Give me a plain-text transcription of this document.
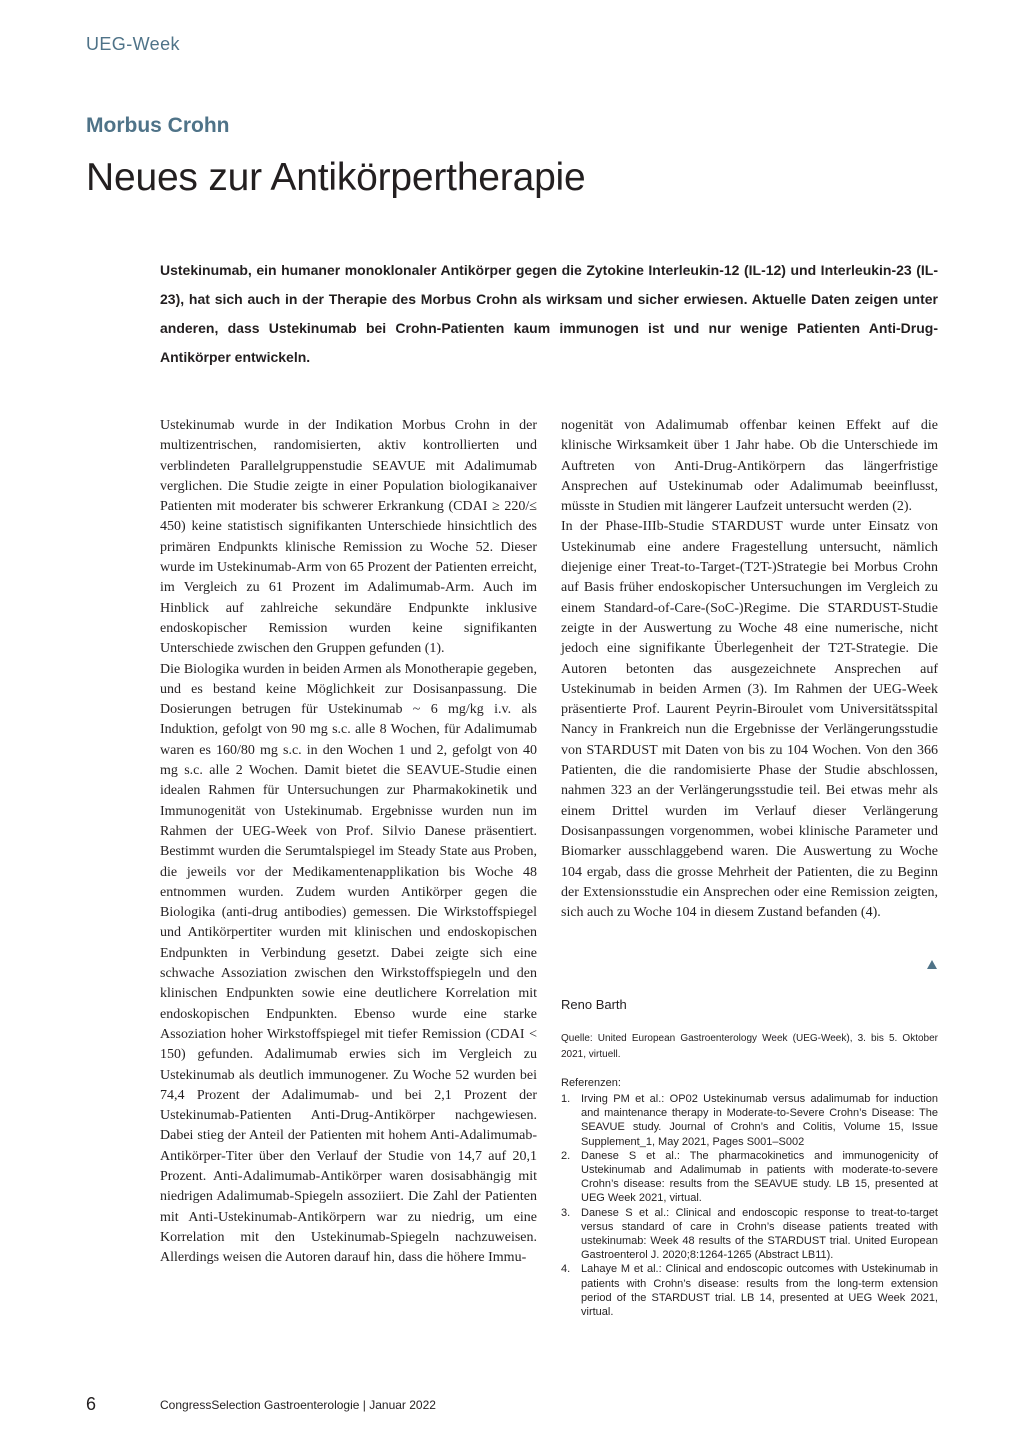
UEG-Week
Morbus Crohn
Neues zur Antikörpertherapie

Ustekinumab, ein humaner monoklonaler Antikörper gegen die Zytokine Interleukin-12 (IL-12) und Interleukin-23 (IL-23), hat sich auch in der Therapie des Morbus Crohn als wirksam und sicher erwiesen. Aktuelle Daten zeigen unter anderen, dass Ustekinumab bei Crohn-Patienten kaum immunogen ist und nur wenige Patienten Anti-Drug-Antikörper entwickeln.

Ustekinumab wurde in der Indikation Morbus Crohn in der multizentrischen, randomisierten, aktiv kontrollierten und verblindeten Parallelgruppenstudie SEAVUE mit Adalimumab verglichen. Die Studie zeigte in einer Population biologikanaiver Patienten mit moderater bis schwerer Erkrankung (CDAI ≥ 220/≤ 450) keine statistisch signifikanten Unterschiede hinsichtlich des primären Endpunkts klinische Remission zu Woche 52. Dieser wurde im Ustekinumab-Arm von 65 Prozent der Patienten erreicht, im Vergleich zu 61 Prozent im Adalimumab-Arm. Auch im Hinblick auf zahlreiche sekundäre Endpunkte inklusive endoskopischer Remission wurden keine signifikanten Unterschiede zwischen den Gruppen gefunden (1).

Die Biologika wurden in beiden Armen als Monotherapie gegeben, und es bestand keine Möglichkeit zur Dosisanpassung. Die Dosierungen betrugen für Ustekinumab ~ 6 mg/kg i.v. als Induktion, gefolgt von 90 mg s.c. alle 8 Wochen, für Adalimumab waren es 160/80 mg s.c. in den Wochen 1 und 2, gefolgt von 40 mg s.c. alle 2 Wochen. Damit bietet die SEAVUE-Studie einen idealen Rahmen für Untersuchungen zur Pharmakokinetik und Immunogenität von Ustekinumab. Ergebnisse wurden nun im Rahmen der UEG-Week von Prof. Silvio Danese präsentiert. Bestimmt wurden die Serumtalspiegel im Steady State aus Proben, die jeweils vor der Medikamentenapplikation bis Woche 48 entnommen wurden. Zudem wurden Antikörper gegen die Biologika (anti-drug antibodies) gemessen. Die Wirkstoffspiegel und Antikörpertiter wurden mit klinischen und endoskopischen Endpunkten in Verbindung gesetzt. Dabei zeigte sich eine schwache Assoziation zwischen den Wirkstoffspiegeln und den klinischen Endpunkten sowie eine deutlichere Korrelation mit endoskopischen Endpunkten. Ebenso wurde eine starke Assoziation hoher Wirkstoffspiegel mit tiefer Remission (CDAI < 150) gefunden. Adalimumab erwies sich im Vergleich zu Ustekinumab als deutlich immunogener. Zu Woche 52 wurden bei 74,4 Prozent der Adalimumab- und bei 2,1 Prozent der Ustekinumab-Patienten Anti-Drug-Antikörper nachgewiesen. Dabei stieg der Anteil der Patienten mit hohem Anti-Adalimumab-Antikörper-Titer über den Verlauf der Studie von 14,7 auf 20,1 Prozent. Anti-Adalimumab-Antikörper waren dosisabhängig mit niedrigen Adalimumab-Spiegeln assoziiert. Die Zahl der Patienten mit Anti-Ustekinumab-Antikörpern war zu niedrig, um eine Korrelation mit den Ustekinumab-Spiegeln nachzuweisen. Allerdings weisen die Autoren darauf hin, dass die höhere Immu-

nogenität von Adalimumab offenbar keinen Effekt auf die klinische Wirksamkeit über 1 Jahr habe. Ob die Unterschiede im Auftreten von Anti-Drug-Antikörpern das längerfristige Ansprechen auf Ustekinumab oder Adalimumab beeinflusst, müsste in Studien mit längerer Laufzeit untersucht werden (2).

In der Phase-IIIb-Studie STARDUST wurde unter Einsatz von Ustekinumab eine andere Fragestellung untersucht, nämlich diejenige einer Treat-to-Target-(T2T-)Strategie bei Morbus Crohn auf Basis früher endoskopischer Untersuchungen im Vergleich zu einem Standard-of-Care-(SoC-)Regime. Die STARDUST-Studie zeigte in der Auswertung zu Woche 48 eine numerische, nicht jedoch eine signifikante Überlegenheit der T2T-Strategie. Die Autoren betonten das ausgezeichnete Ansprechen auf Ustekinumab in beiden Armen (3). Im Rahmen der UEG-Week präsentierte Prof. Laurent Peyrin-Biroulet vom Universitätsspital Nancy in Frankreich nun die Ergebnisse der Verlängerungsstudie von STARDUST mit Daten von bis zu 104 Wochen. Von den 366 Patienten, die die randomisierte Phase der Studie abschlossen, nahmen 323 an der Verlängerungsstudie teil. Bei etwas mehr als einem Drittel wurden im Verlauf dieser Verlängerung Dosisanpassungen vorgenommen, wobei klinische Parameter und Biomarker ausschlaggebend waren. Die Auswertung zu Woche 104 ergab, dass die grosse Mehrheit der Patienten, die zu Beginn der Extensionsstudie ein Ansprechen oder eine Remission zeigten, sich auch zu Woche 104 in diesem Zustand befanden (4).

Reno Barth
Quelle: United European Gastroenterology Week (UEG-Week), 3. bis 5. Oktober 2021, virtuell.
Referenzen:
1. Irving PM et al.: OP02 Ustekinumab versus adalimumab for induction and maintenance therapy in Moderate-to-Severe Crohn’s Disease: The SEAVUE study. Journal of Crohn’s and Colitis, Volume 15, Issue Supplement_1, May 2021, Pages S001–S002
2. Danese S et al.: The pharmacokinetics and immunogenicity of Ustekinumab and Adalimumab in patients with moderate-to-severe Crohn’s disease: results from the SEAVUE study. LB 15, presented at UEG Week 2021, virtual.
3. Danese S et al.: Clinical and endoscopic response to treat-to-target versus standard of care in Crohn’s disease patients treated with ustekinumab: Week 48 results of the STARDUST trial. United European Gastroenterol J. 2020;8:1264-1265 (Abstract LB11).
4. Lahaye M et al.: Clinical and endoscopic outcomes with Ustekinumab in patients with Crohn’s disease: results from the long-term extension period of the STARDUST trial. LB 14, presented at UEG Week 2021, virtual.
6	CongressSelection Gastroenterologie | Januar 2022
